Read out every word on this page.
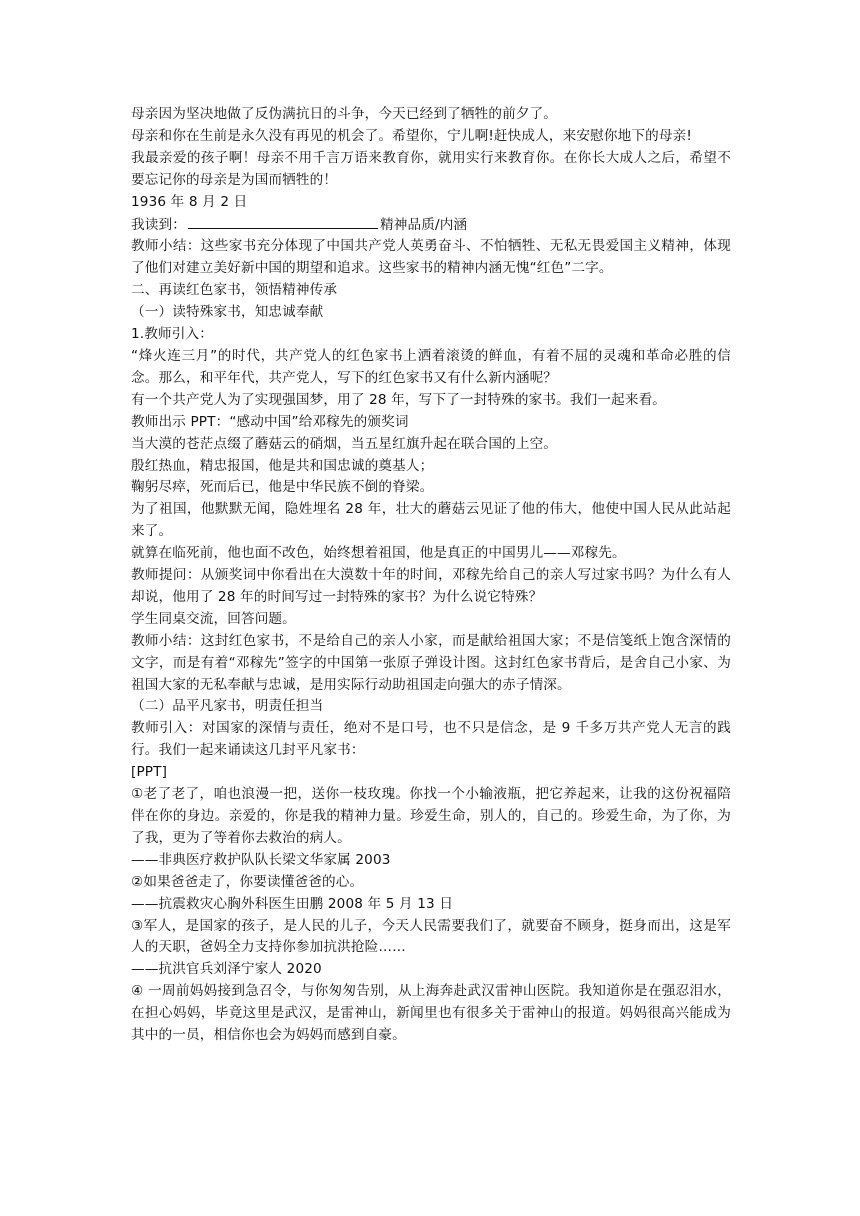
母亲因为坚决地做了反伪满抗日的斗争，今天已经到了牺牲的前夕了。

母亲和你在生前是永久没有再见的机会了。希望你，宁儿啊!赶快成人，来安慰你地下的母亲!

我最亲爱的孩子啊！母亲不用千言万语来教育你，就用实行来教育你。在你长大成人之后，希望不要忘记你的母亲是为国而牺牲的！

1936 年 8 月 2 日

我读到：	精神品质/内涵

教师小结：这些家书充分体现了中国共产党人英勇奋斗、不怕牺牲、无私无畏爱国主义精神，体现了他们对建立美好新中国的期望和追求。这些家书的精神内涵无愧“红色”二字。

二、再读红色家书，领悟精神传承

（一）读特殊家书，知忠诚奉献

1.教师引入：

“烽火连三月”的时代，共产党人的红色家书上洒着滚烫的鲜血，有着不屈的灵魂和革命必胜的信念。那么，和平年代，共产党人，写下的红色家书又有什么新内涵呢？

有一个共产党人为了实现强国梦，用了 28 年，写下了一封特殊的家书。我们一起来看。

教师出示 PPT：“感动中国”给邓稼先的颁奖词

当大漠的苍茫点缀了蘑菇云的硝烟，当五星红旗升起在联合国的上空。

殷红热血，精忠报国，他是共和国忠诚的奠基人；

鞠躬尽瘁，死而后已，他是中华民族不倒的脊梁。

为了祖国，他默默无闻，隐姓埋名 28 年，壮大的蘑菇云见证了他的伟大，他使中国人民从此站起来了。

就算在临死前，他也面不改色，始终想着祖国，他是真正的中国男儿——邓稼先。

教师提问：从颁奖词中你看出在大漠数十年的时间，邓稼先给自己的亲人写过家书吗？为什么有人却说，他用了 28 年的时间写过一封特殊的家书？为什么说它特殊？

学生同桌交流，回答问题。

教师小结：这封红色家书，不是给自己的亲人小家，而是献给祖国大家；不是信笺纸上饱含深情的文字，而是有着“邓稼先”签字的中国第一张原子弹设计图。这封红色家书背后，是舍自己小家、为祖国大家的无私奉献与忠诚，是用实际行动助祖国走向强大的赤子情深。

（二）品平凡家书，明责任担当

教师引入：对国家的深情与责任，绝对不是口号，也不只是信念，是 9 千多万共产党人无言的践行。我们一起来诵读这几封平凡家书：

[PPT]

①老了老了，咱也浪漫一把，送你一枝玫瑰。你找一个小输液瓶，把它养起来，让我的这份祝福陪伴在你的身边。亲爱的，你是我的精神力量。珍爱生命，别人的，自己的。珍爱生命，为了你，为了我，更为了等着你去救治的病人。

——非典医疗救护队队长梁文华家属 2003

②如果爸爸走了，你要读懂爸爸的心。

——抗震救灾心胸外科医生田鹏 2008 年 5 月 13 日

③军人，是国家的孩子，是人民的儿子，今天人民需要我们了，就要奋不顾身，挺身而出，这是军人的天职，爸妈全力支持你参加抗洪抢险……

——抗洪官兵刘泽宁家人 2020

④ 一周前妈妈接到急召令，与你匆匆告别，从上海奔赴武汉雷神山医院。我知道你是在强忍泪水，在担心妈妈，毕竟这里是武汉，是雷神山，新闻里也有很多关于雷神山的报道。妈妈很高兴能成为其中的一员，相信你也会为妈妈而感到自豪。
